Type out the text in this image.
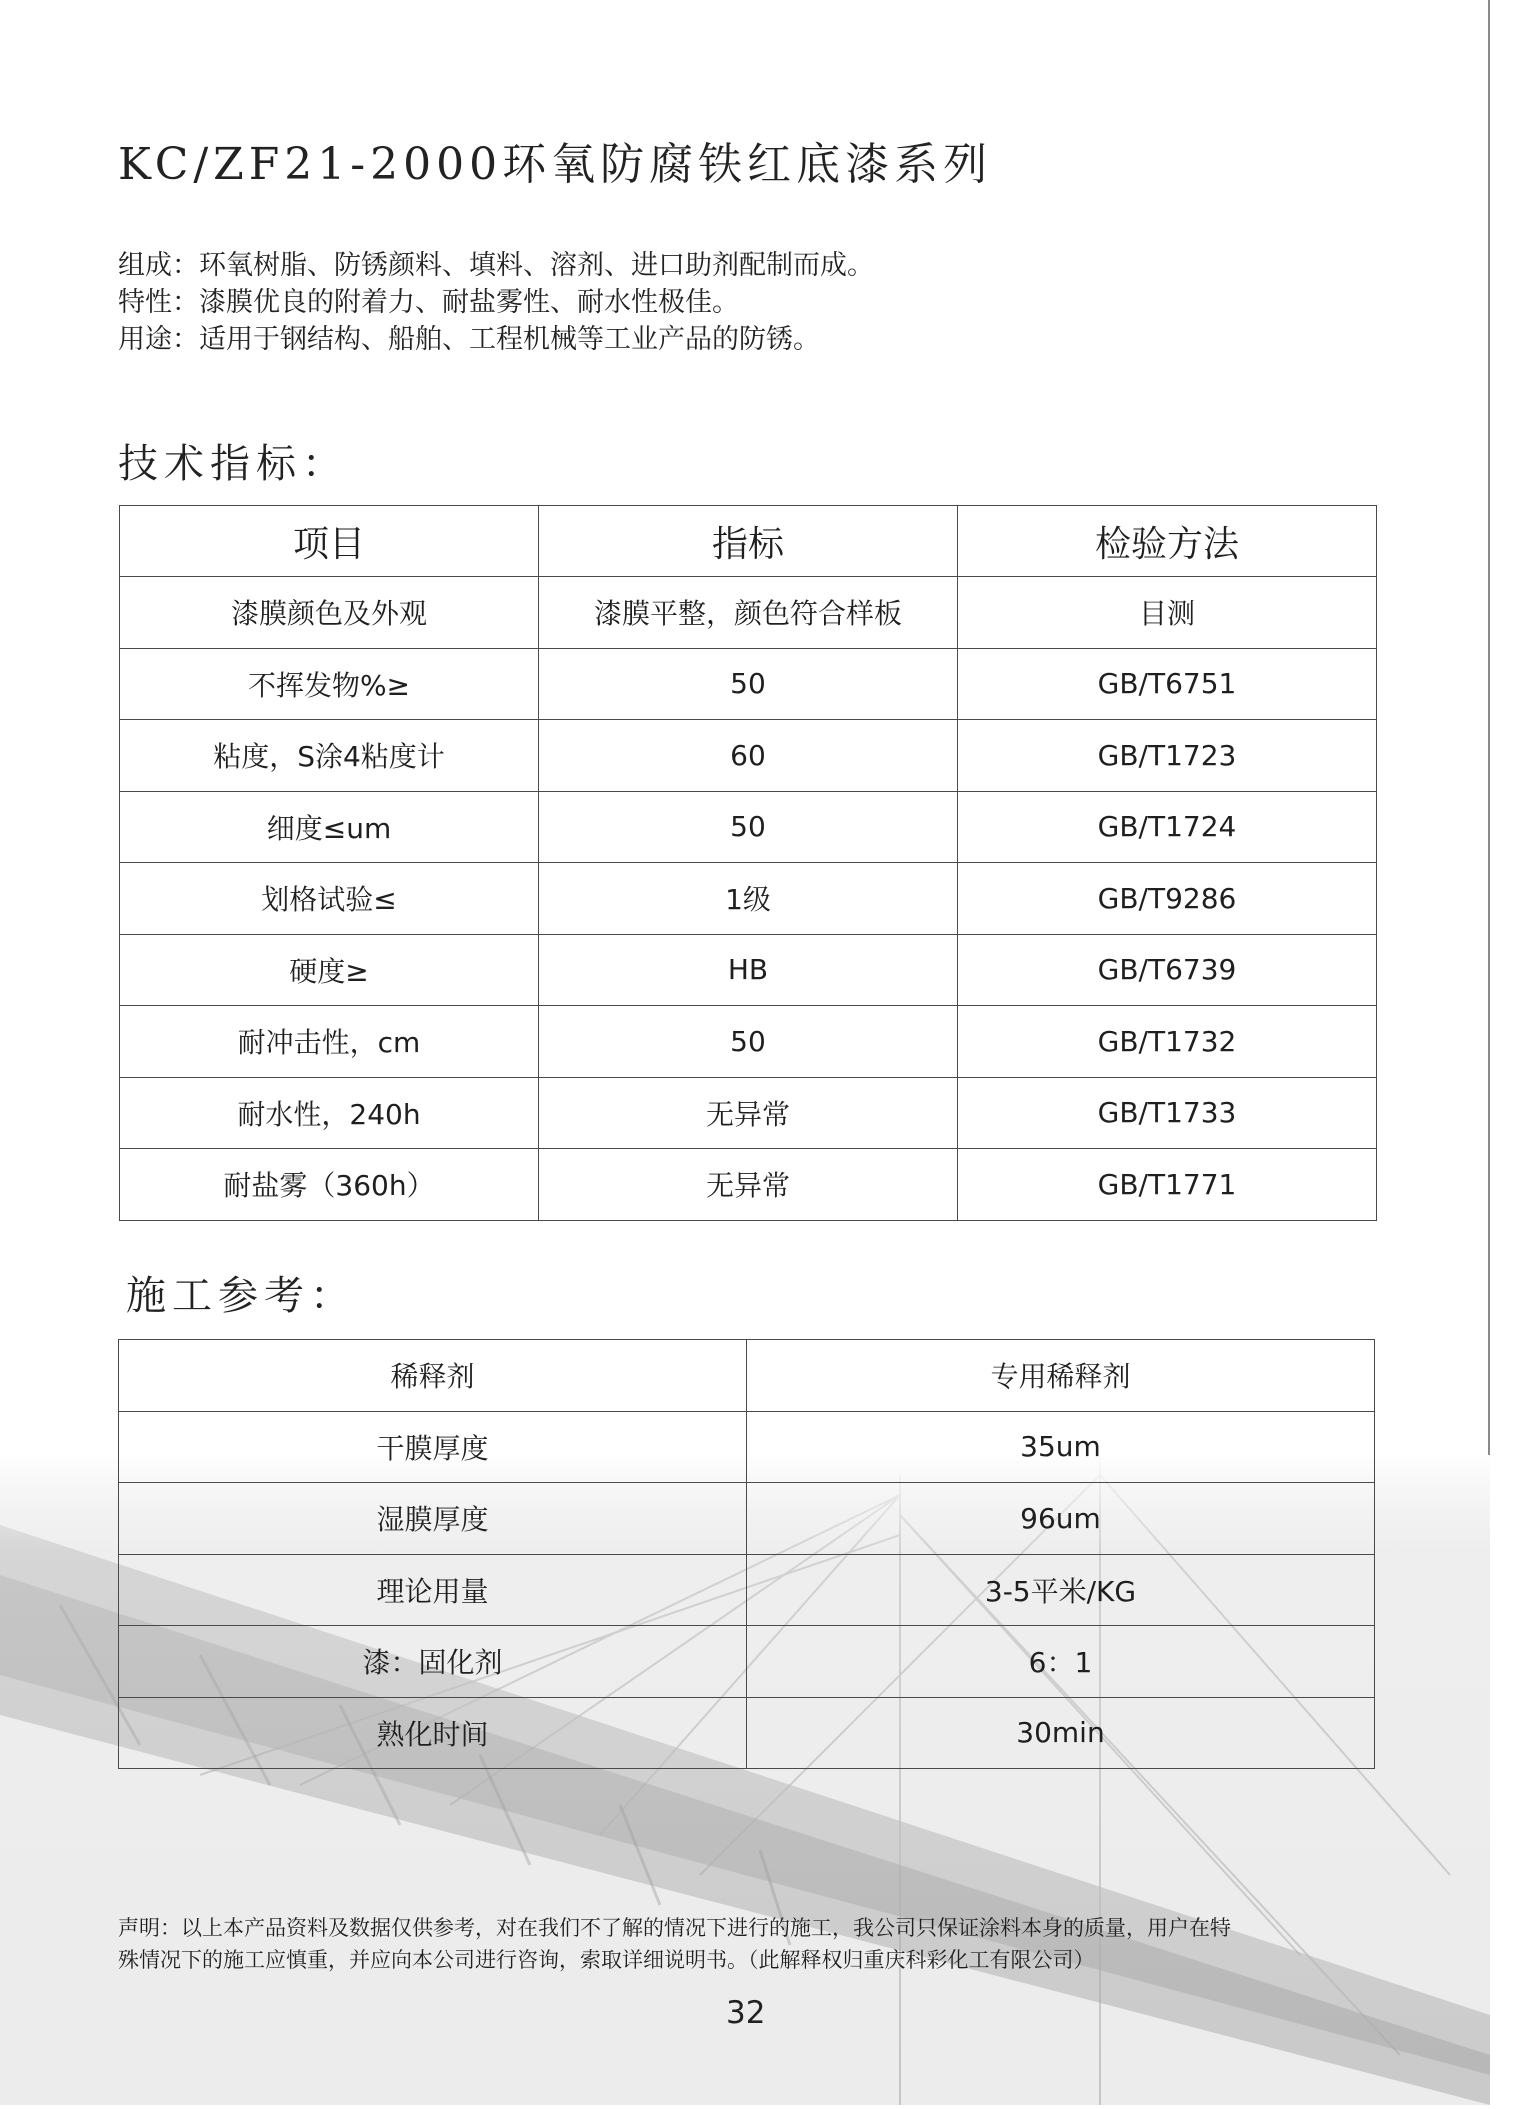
KC/ZF21-2000环氧防腐铁红底漆系列
组成：环氧树脂、防锈颜料、填料、溶剂、进口助剂配制而成。
特性：漆膜优良的附着力、耐盐雾性、耐水性极佳。
用途：适用于钢结构、船舶、工程机械等工业产品的防锈。
技术指标：
项目	指标	检验方法
漆膜颜色及外观	漆膜平整，颜色符合样板	目测
不挥发物%≥	50	GB/T6751
粘度，S涂4粘度计	60	GB/T1723
细度≤um	50	GB/T1724
划格试验≤	1级	GB/T9286
硬度≥	HB	GB/T6739
耐冲击性，cm	50	GB/T1732
耐水性，240h	无异常	GB/T1733
耐盐雾（360h）	无异常	GB/T1771
施工参考：
稀释剂	专用稀释剂
干膜厚度	35um
湿膜厚度	96um
理论用量	3-5平米/KG
漆：固化剂	6：1
熟化时间	30min
声明：以上本产品资料及数据仅供参考，对在我们不了解的情况下进行的施工，我公司只保证涂料本身的质量，用户在特
殊情况下的施工应慎重，并应向本公司进行咨询，索取详细说明书。（此解释权归重庆科彩化工有限公司）
32
